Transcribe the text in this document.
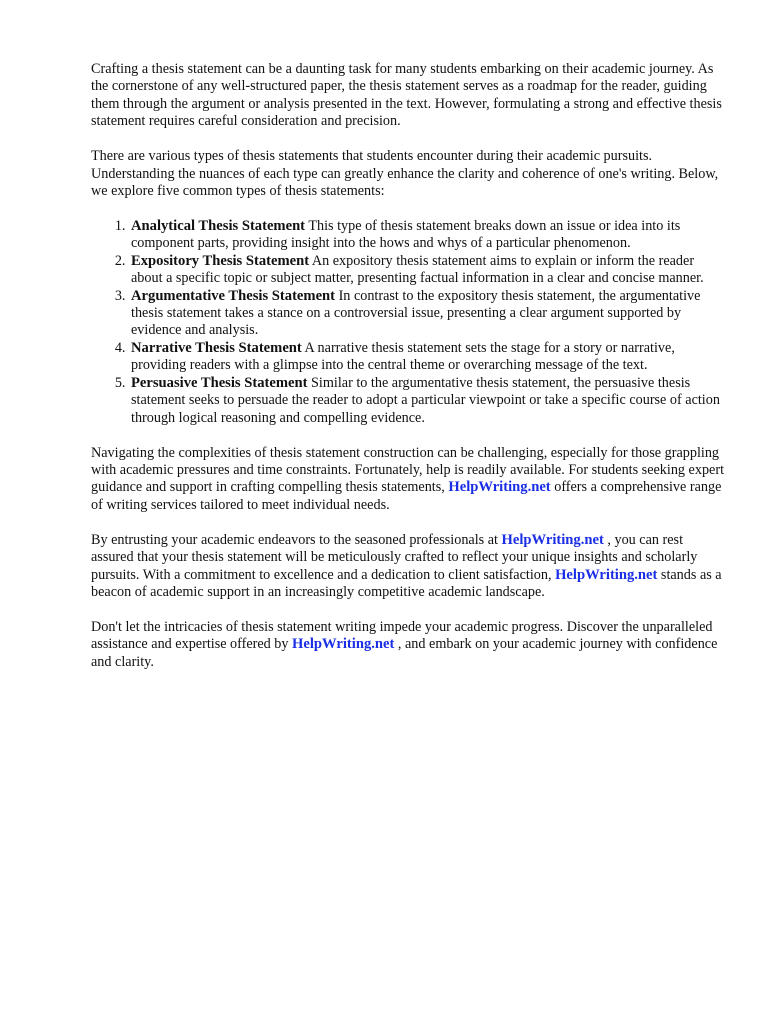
Crafting a thesis statement can be a daunting task for many students embarking on their academic journey. As the cornerstone of any well-structured paper, the thesis statement serves as a roadmap for the reader, guiding them through the argument or analysis presented in the text. However, formulating a strong and effective thesis statement requires careful consideration and precision.

There are various types of thesis statements that students encounter during their academic pursuits. Understanding the nuances of each type can greatly enhance the clarity and coherence of one's writing. Below, we explore five common types of thesis statements:

1. Analytical Thesis Statement This type of thesis statement breaks down an issue or idea into its component parts, providing insight into the hows and whys of a particular phenomenon.
2. Expository Thesis Statement An expository thesis statement aims to explain or inform the reader about a specific topic or subject matter, presenting factual information in a clear and concise manner.
3. Argumentative Thesis Statement In contrast to the expository thesis statement, the argumentative thesis statement takes a stance on a controversial issue, presenting a clear argument supported by evidence and analysis.
4. Narrative Thesis Statement A narrative thesis statement sets the stage for a story or narrative, providing readers with a glimpse into the central theme or overarching message of the text.
5. Persuasive Thesis Statement Similar to the argumentative thesis statement, the persuasive thesis statement seeks to persuade the reader to adopt a particular viewpoint or take a specific course of action through logical reasoning and compelling evidence.

Navigating the complexities of thesis statement construction can be challenging, especially for those grappling with academic pressures and time constraints. Fortunately, help is readily available. For students seeking expert guidance and support in crafting compelling thesis statements, HelpWriting.net offers a comprehensive range of writing services tailored to meet individual needs.

By entrusting your academic endeavors to the seasoned professionals at HelpWriting.net , you can rest assured that your thesis statement will be meticulously crafted to reflect your unique insights and scholarly pursuits. With a commitment to excellence and a dedication to client satisfaction, HelpWriting.net stands as a beacon of academic support in an increasingly competitive academic landscape.

Don't let the intricacies of thesis statement writing impede your academic progress. Discover the unparalleled assistance and expertise offered by HelpWriting.net , and embark on your academic journey with confidence and clarity.
